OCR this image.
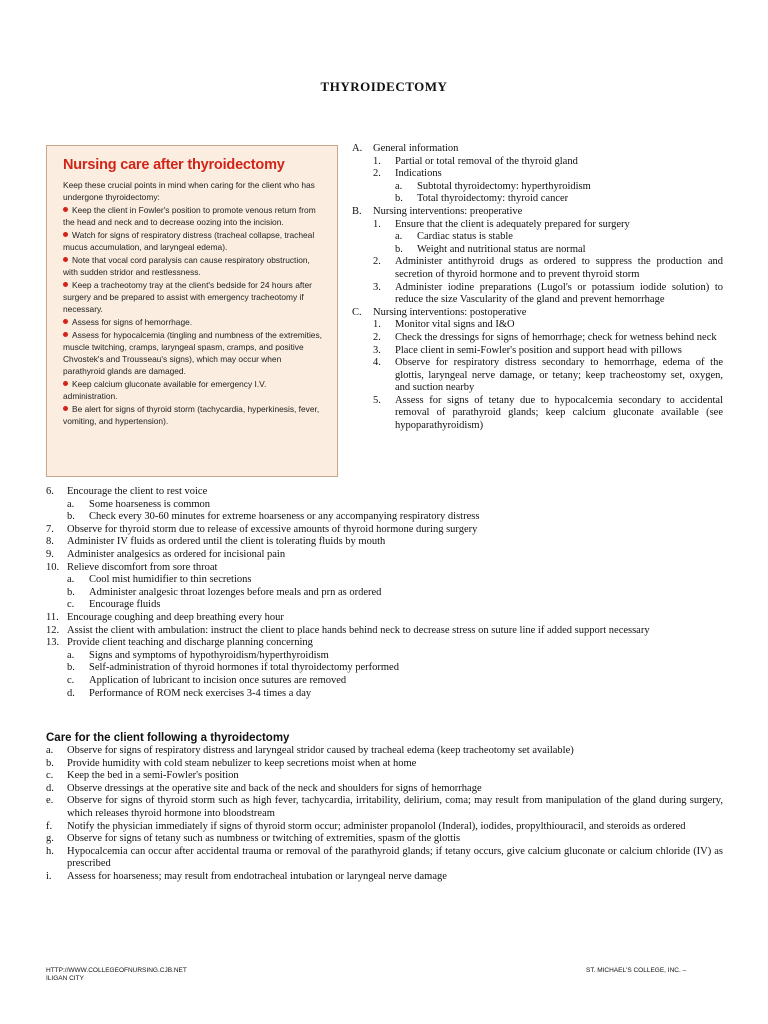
THYROIDECTOMY
Nursing care after thyroidectomy
Keep these crucial points in mind when caring for the client who has undergone thyroidectomy:
Keep the client in Fowler's position to promote venous return from the head and neck and to decrease oozing into the incision.
Watch for signs of respiratory distress (tracheal collapse, tracheal mucus accumulation, and laryngeal edema).
Note that vocal cord paralysis can cause respiratory obstruction, with sudden stridor and restlessness.
Keep a tracheotomy tray at the client's bedside for 24 hours after surgery and be prepared to assist with emergency tracheotomy if necessary.
Assess for signs of hemorrhage.
Assess for hypocalcemia (tingling and numbness of the extremities, muscle twitching, cramps, laryngeal spasm, cramps, and positive Chvostek's and Trousseau's signs), which may occur when parathyroid glands are damaged.
Keep calcium gluconate available for emergency I.V. administration.
Be alert for signs of thyroid storm (tachycardia, hyperkinesis, fever, vomiting, and hypertension).
A.	General information
1.	Partial or total removal of the thyroid gland
2.	Indications
a.	Subtotal thyroidectomy: hyperthyroidism
b.	Total thyroidectomy: thyroid cancer
B.	Nursing interventions: preoperative
1.	Ensure that the client is adequately prepared for surgery
a.	Cardiac status is stable
b.	Weight and nutritional status are normal
2.	Administer antithyroid drugs as ordered to suppress the production and secretion of thyroid hormone and to prevent thyroid storm
3.	Administer iodine preparations (Lugol's or potassium iodide solution) to reduce the size Vascularity of the gland and prevent hemorrhage
C.	Nursing interventions: postoperative
1.	Monitor vital signs and I&O
2.	Check the dressings for signs of hemorrhage; check for wetness behind neck
3.	Place client in semi-Fowler's position and support head with pillows
4.	Observe for respiratory distress secondary to hemorrhage, edema of the glottis, laryngeal nerve damage, or tetany; keep tracheostomy set, oxygen, and suction nearby
5.	Assess for signs of tetany due to hypocalcemia secondary to accidental removal of parathyroid glands; keep calcium gluconate available (see hypoparathyroidism)
6.	Encourage the client to rest voice
a.	Some hoarseness is common
b.	Check every 30-60 minutes for extreme hoarseness or any accompanying respiratory distress
7.	Observe for thyroid storm due to release of excessive amounts of thyroid hormone during surgery
8.	Administer IV fluids as ordered until the client is tolerating fluids by mouth
9.	Administer analgesics as ordered for incisional pain
10. Relieve discomfort from sore throat
a.	Cool mist humidifier to thin secretions
b.	Administer analgesic throat lozenges before meals and prn as ordered
c.	Encourage fluids
11. Encourage coughing and deep breathing every hour
12. Assist the client with ambulation: instruct the client to place hands behind neck to decrease stress on suture line if added support necessary
13. Provide client teaching and discharge planning concerning
a.	Signs and symptoms of hypothyroidism/hyperthyroidism
b.	Self-administration of thyroid hormones if total thyroidectomy performed
c.	Application of lubricant to incision once sutures are removed
d.	Performance of ROM neck exercises 3-4 times a day
Care for the client following a thyroidectomy
a.	Observe for signs of respiratory distress and laryngeal stridor caused by tracheal edema (keep tracheotomy set available)
b.	Provide humidity with cold steam nebulizer to keep secretions moist when at home
c.	Keep the bed in a semi-Fowler's position
d.	Observe dressings at the operative site and back of the neck and shoulders for signs of hemorrhage
e.	Observe for signs of thyroid storm such as high fever, tachycardia, irritability, delirium, coma; may result from manipulation of the gland during surgery, which releases thyroid hormone into bloodstream
f.	Notify the physician immediately if signs of thyroid storm occur; administer propanolol (Inderal), iodides, propylthiouracil, and steroids as ordered
g.	Observe for signs of tetany such as numbness or twitching of extremities, spasm of the glottis
h.	Hypocalcemia can occur after accidental trauma or removal of the parathyroid glands; if tetany occurs, give calcium gluconate or calcium chloride (IV) as prescribed
i.	Assess for hoarseness; may result from endotracheal intubation or laryngeal nerve damage
HTTP://WWW.COLLEGEOFNURSING.CJB.NET
ILIGAN CITY
ST. MICHAEL'S COLLEGE, INC. –
